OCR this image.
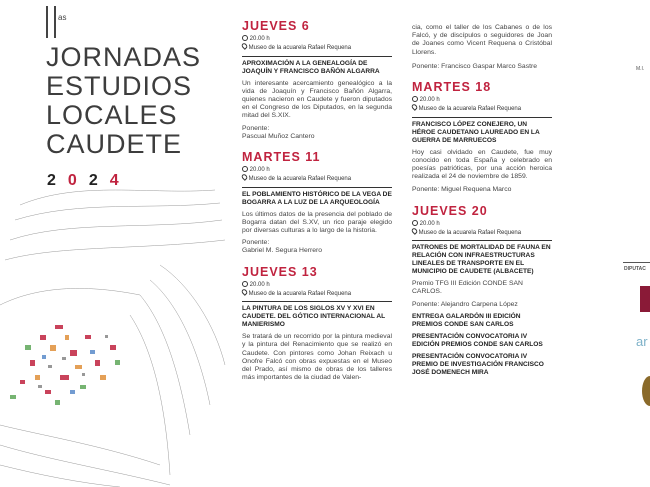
as
JORNADAS
ESTUDIOS
LOCALES
CAUDETE
2024
JUEVES 6
20.00 h
Museo de la acuarela Rafael Requena
APROXIMACIÓN A LA GENEALOGÍA DE JOAQUÍN Y FRANCISCO BAÑÓN ALGARRA
Un interesante acercamiento genealógico a la vida de Joaquín y Francisco Bañón Algarra, quienes nacieron en Caudete y fueron diputados en el Congreso de los Diputados, en la segunda mitad del S.XIX.
Ponente:
Pascual Muñoz Cantero
MARTES 11
20.00 h
Museo de la acuarela Rafael Requena
EL POBLAMIENTO HISTÓRICO DE LA VEGA DE BOGARRA A LA LUZ DE LA ARQUEOLOGÍA
Los últimos datos de la presencia del poblado de Bogarra datan del S.XV, un rico paraje elegido por diversas culturas a lo largo de la historia.
Ponente:
Gabriel M. Segura Herrero
JUEVES 13
20.00 h
Museo de la acuarela Rafael Requena
LA PINTURA DE LOS SIGLOS XV Y XVI EN CAUDETE. DEL GÓTICO INTERNACIONAL AL MANIERISMO
Se tratará de un recorrido por la pintura medieval y la pintura del Renacimiento que se realizó en Caudete. Con pintores como Johan Reixach u Onofre Falcó con obras expuestas en el Museo del Prado, así mismo de obras de los talleres más importantes de la ciudad de Valen-
cia, como el taller de los Cabanes o de los Falcó, y de discípulos o seguidores de Joan de Joanes como Vicent Requena o Cristóbal Llorens.
Ponente: Francisco Gaspar Marco Sastre
MARTES 18
20.00 h
Museo de la acuarela Rafael Requena
FRANCISCO LÓPEZ CONEJERO, UN HÉROE CAUDETANO LAUREADO EN LA GUERRA DE MARRUECOS
Hoy casi olvidado en Caudete, fue muy conocido en toda España y celebrado en poesías patrióticas, por una acción heroica realizada el 24 de noviembre de 1859.
Ponente: Miguel Requena Marco
JUEVES 20
20.00 h
Museo de la acuarela Rafael Requena
PATRONES DE MORTALIDAD DE FAUNA EN RELACIÓN CON INFRAESTRUCTURAS LINEALES DE TRANSPORTE EN EL MUNICIPIO DE CAUDETE (ALBACETE)
Premio TFG III Edición CONDE SAN CARLOS.
Ponente: Alejandro Carpena López
ENTREGA GALARDÓN III EDICIÓN PREMIOS CONDE SAN CARLOS
PRESENTACIÓN CONVOCATORIA IV EDICIÓN PREMIOS CONDE SAN CARLOS
PRESENTACIÓN CONVOCATORIA IV PREMIO DE INVESTIGACIÓN FRANCISCO JOSÉ DOMENECH MIRA
M.I.
DIPUTAC
ar
